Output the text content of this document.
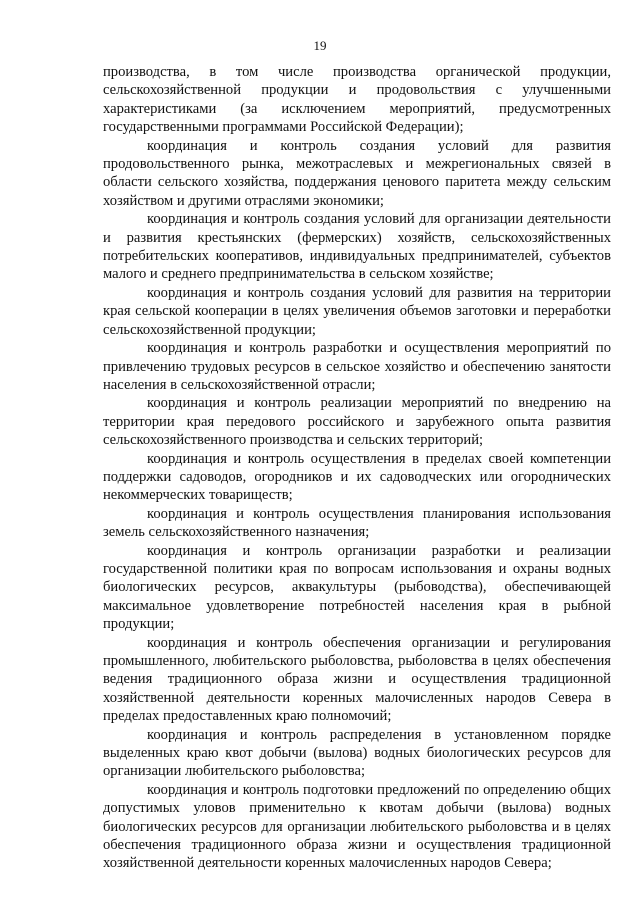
19

производства, в том числе производства органической продукции, сельскохозяйственной продукции и продовольствия с улучшенными характеристиками (за исключением мероприятий, предусмотренных государственными программами Российской Федерации);

координация и контроль создания условий для развития продовольственного рынка, межотраслевых и межрегиональных связей в области сельского хозяйства, поддержания ценового паритета между сельским хозяйством и другими отраслями экономики;

координация и контроль создания условий для организации деятельности и развития крестьянских (фермерских) хозяйств, сельскохозяйственных потребительских кооперативов, индивидуальных предпринимателей, субъектов малого и среднего предпринимательства в сельском хозяйстве;

координация и контроль создания условий для развития на территории края сельской кооперации в целях увеличения объемов заготовки и переработки сельскохозяйственной продукции;

координация и контроль разработки и осуществления мероприятий по привлечению трудовых ресурсов в сельское хозяйство и обеспечению занятости населения в сельскохозяйственной отрасли;

координация и контроль реализации мероприятий по внедрению на территории края передового российского и зарубежного опыта развития сельскохозяйственного производства и сельских территорий;

координация и контроль осуществления в пределах своей компетенции поддержки садоводов, огородников и их садоводческих или огороднических некоммерческих товариществ;

координация и контроль осуществления планирования использования земель сельскохозяйственного назначения;

координация и контроль организации разработки и реализации государственной политики края по вопросам использования и охраны водных биологических ресурсов, аквакультуры (рыбоводства), обеспечивающей максимальное удовлетворение потребностей населения края в рыбной продукции;

координация и контроль обеспечения организации и регулирования промышленного, любительского рыболовства, рыболовства в целях обеспечения ведения традиционного образа жизни и осуществления традиционной хозяйственной деятельности коренных малочисленных народов Севера в пределах предоставленных краю полномочий;

координация и контроль распределения в установленном порядке выделенных краю квот добычи (вылова) водных биологических ресурсов для организации любительского рыболовства;

координация и контроль подготовки предложений по определению общих допустимых уловов применительно к квотам добычи (вылова) водных биологических ресурсов для организации любительского рыболовства и в целях обеспечения традиционного образа жизни и осуществления традиционной хозяйственной деятельности коренных малочисленных народов Севера;
